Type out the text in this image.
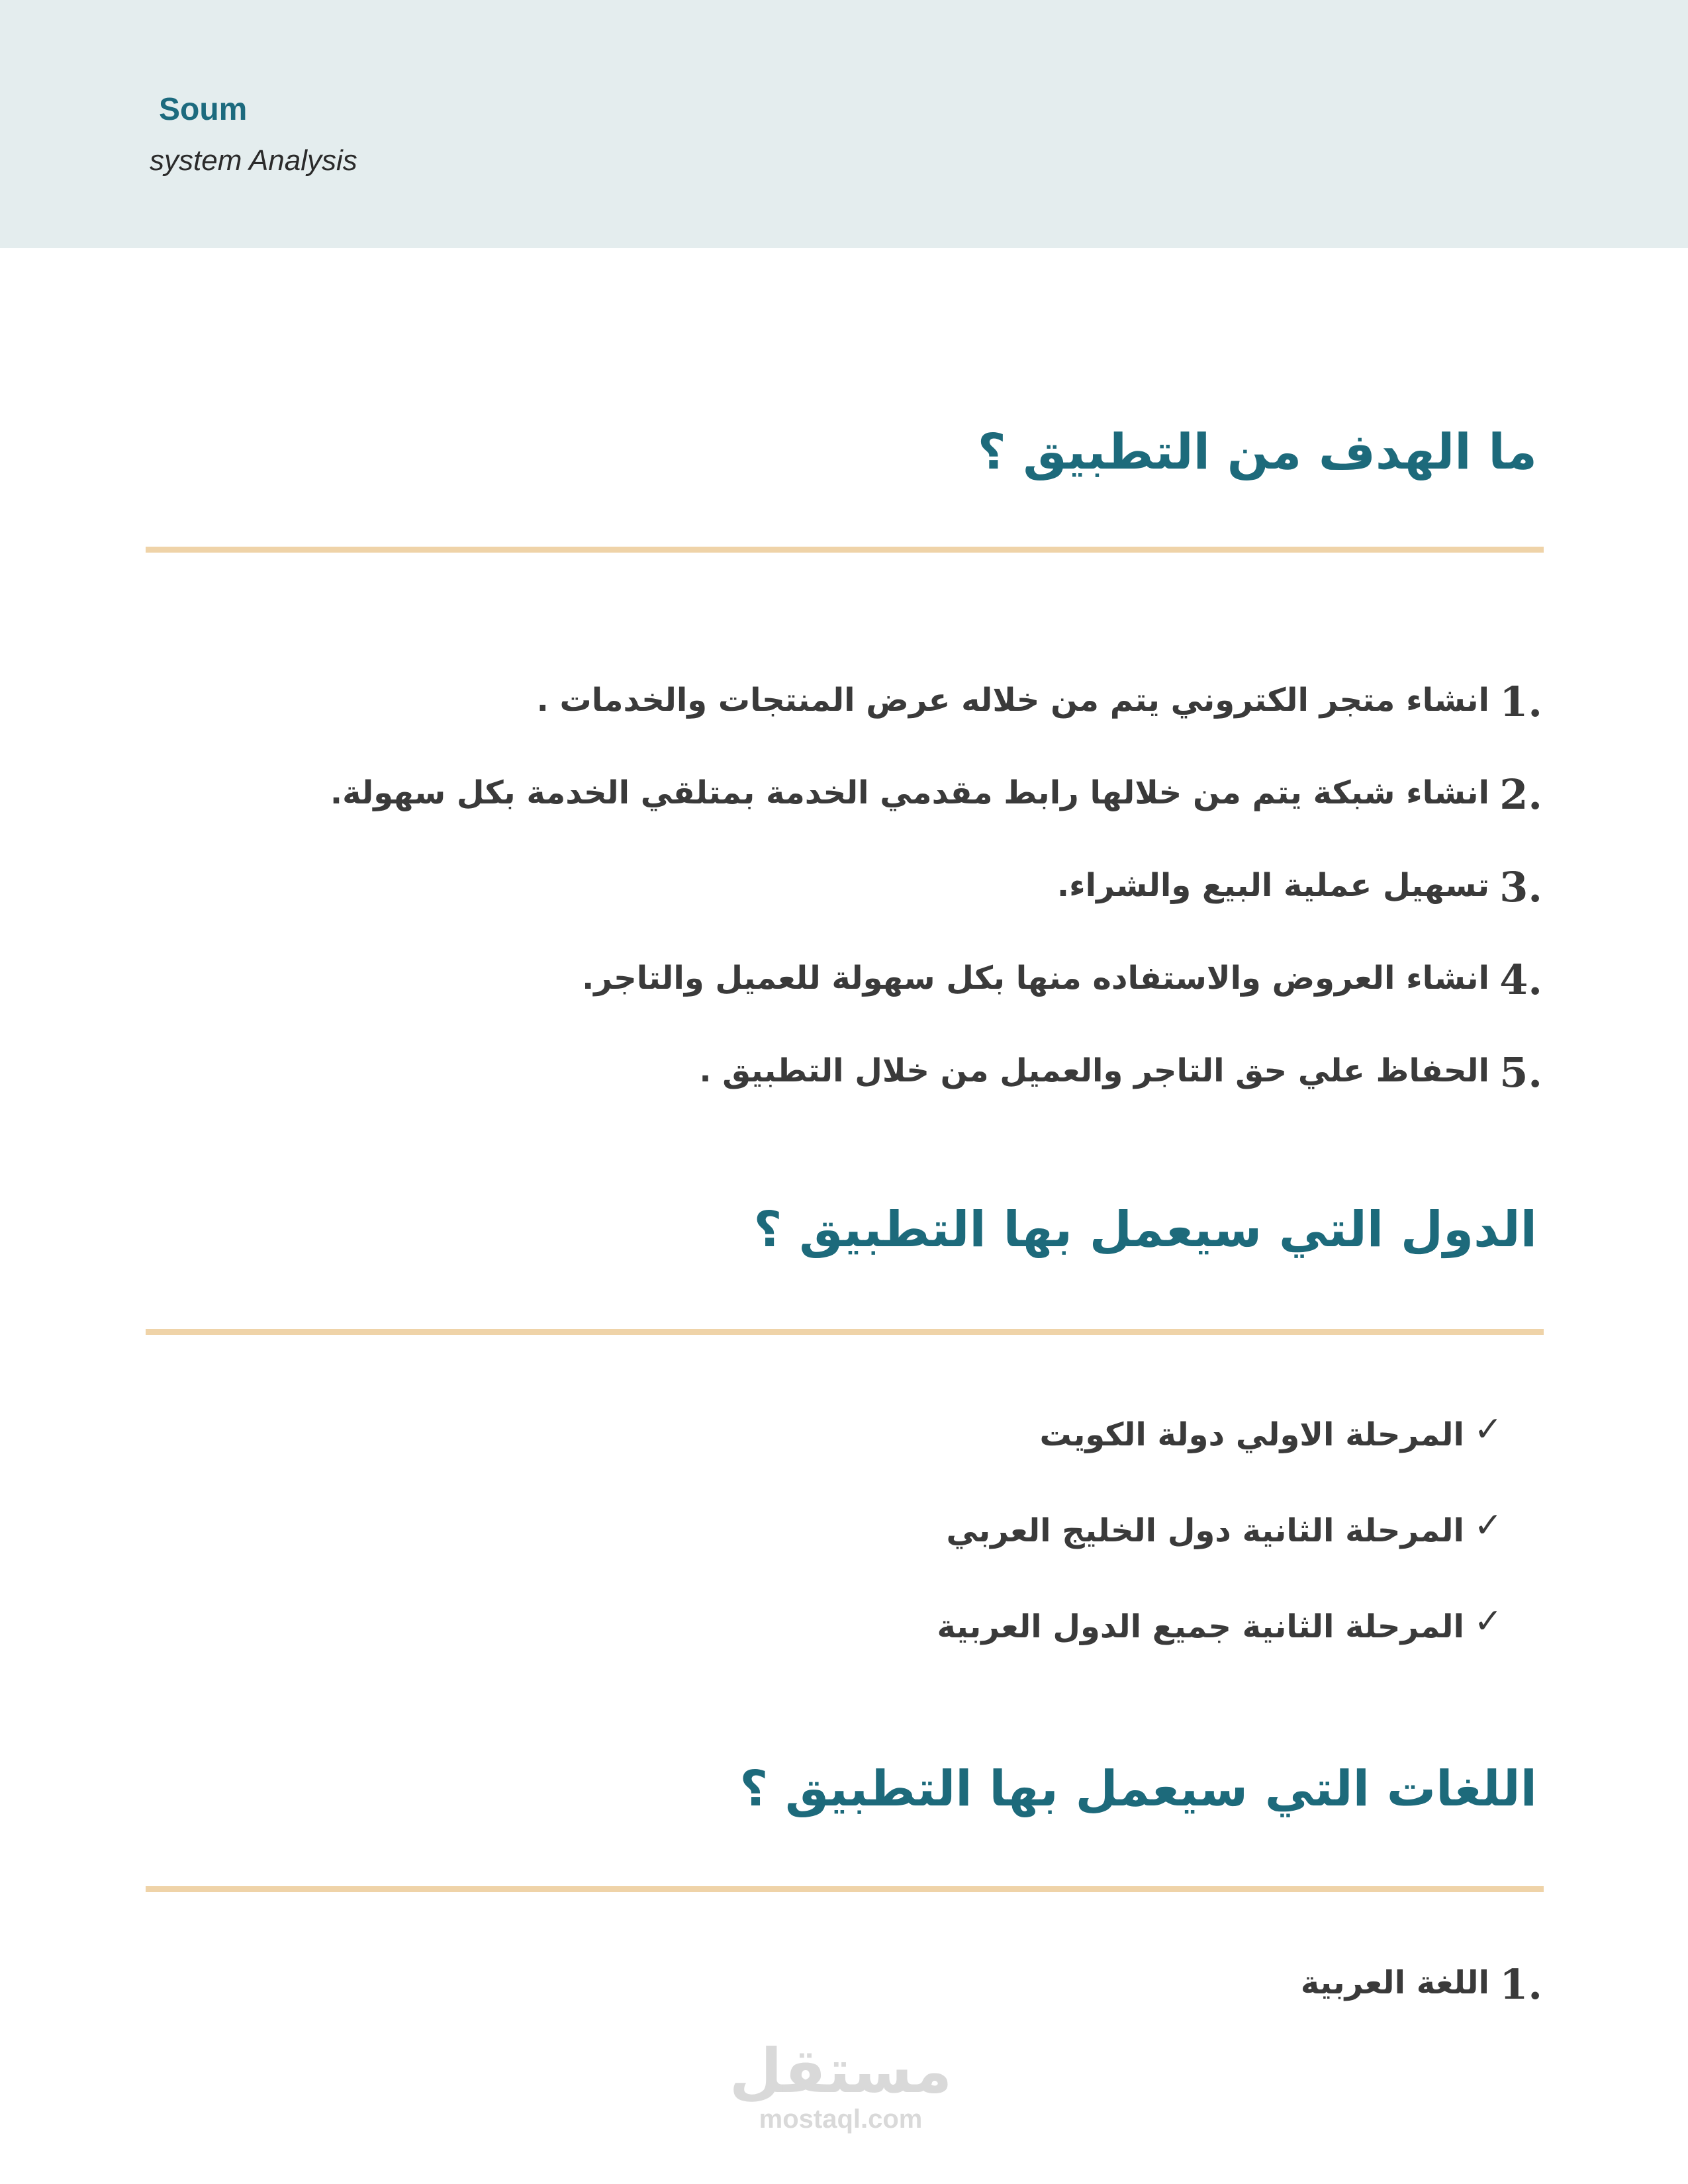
Soum
system Analysis
ما الهدف من التطبيق ؟
1.
انشاء متجر الكتروني يتم من خلاله عرض المنتجات والخدمات .
2.
انشاء شبكة يتم من خلالها رابط مقدمي الخدمة بمتلقي الخدمة بكل سهولة.
3.
تسهيل عملية البيع والشراء.
4.
انشاء العروض والاستفاده منها بكل سهولة للعميل والتاجر.
5.
الحفاظ علي حق التاجر والعميل من خلال التطبيق .
الدول التي سيعمل بها التطبيق ؟
✓
المرحلة الاولي دولة الكويت
✓
المرحلة الثانية دول الخليج العربي
✓
المرحلة الثانية جميع الدول العربية
اللغات التي سيعمل بها التطبيق ؟
1.
اللغة العربية
مستقل
mostaql.com
